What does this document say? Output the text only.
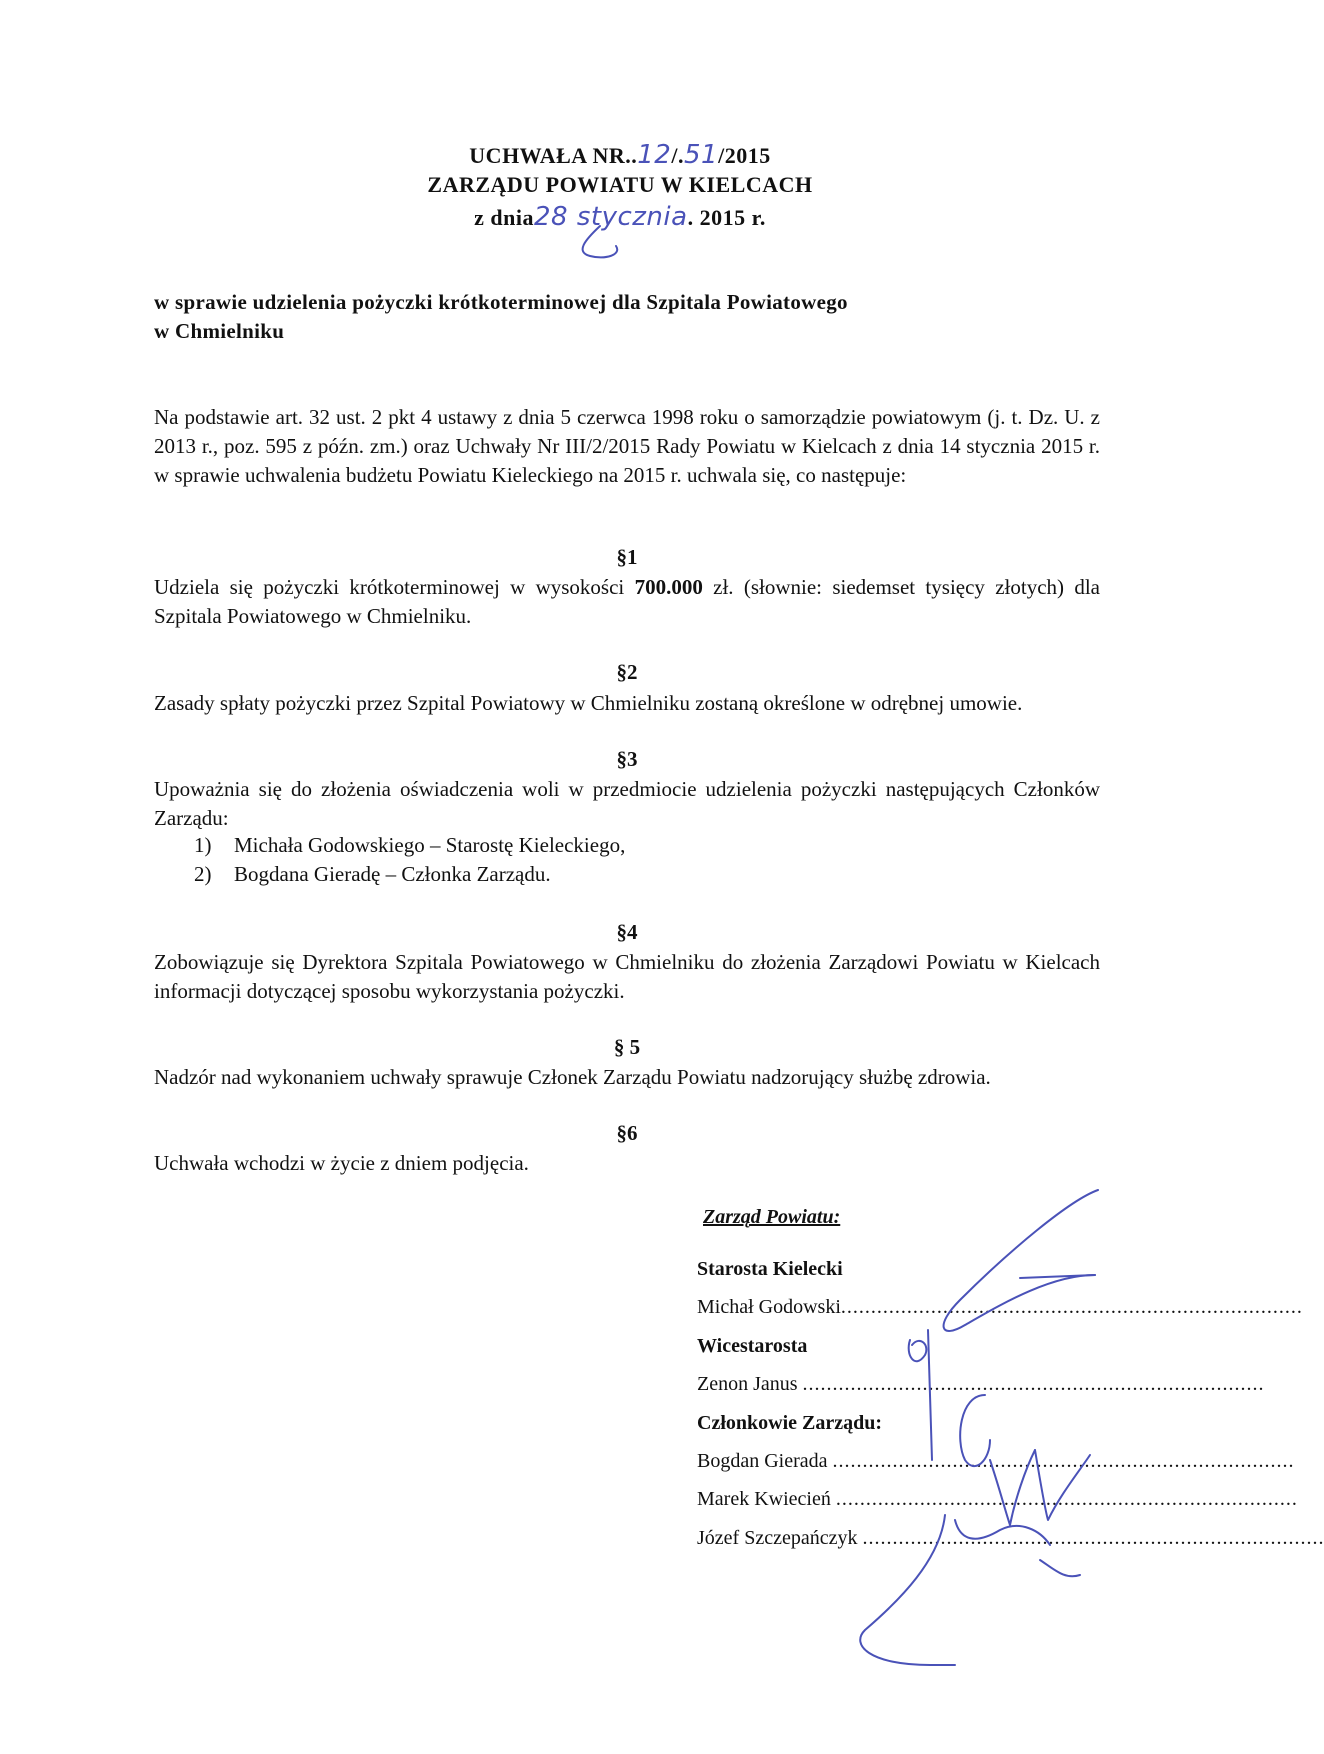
UCHWAŁA NR..12/.51/2015
ZARZĄDU POWIATU W KIELCACH
z dnia28 stycznia. 2015 r.
w sprawie udzielenia pożyczki krótkoterminowej dla Szpitala Powiatowego
w Chmielniku
Na podstawie art. 32 ust. 2 pkt 4 ustawy z dnia 5 czerwca 1998 roku o samorządzie powiatowym (j. t. Dz. U. z 2013 r., poz. 595 z późn. zm.) oraz Uchwały Nr III/2/2015 Rady Powiatu w Kielcach z dnia 14 stycznia 2015 r. w sprawie uchwalenia budżetu Powiatu Kieleckiego na 2015 r. uchwala się, co następuje:
§1
Udziela się pożyczki krótkoterminowej w wysokości 700.000 zł. (słownie: siedemset tysięcy złotych) dla Szpitala Powiatowego w Chmielniku.
§2
Zasady spłaty pożyczki przez Szpital Powiatowy w Chmielniku zostaną określone w odrębnej umowie.
§3
Upoważnia się do złożenia oświadczenia woli w przedmiocie udzielenia pożyczki następujących Członków Zarządu:
1) Michała Godowskiego – Starostę Kieleckiego,
2) Bogdana Gieradę – Członka Zarządu.
§4
Zobowiązuje się Dyrektora Szpitala Powiatowego w Chmielniku do złożenia Zarządowi Powiatu w Kielcach informacji dotyczącej sposobu wykorzystania pożyczki.
§ 5
Nadzór nad wykonaniem uchwały sprawuje Członek Zarządu Powiatu nadzorujący służbę zdrowia.
§6
Uchwała wchodzi w życie z dniem podjęcia.
Zarząd Powiatu:
Starosta Kielecki
Michał Godowski.............................................................................
Wicestarosta
Zenon Janus .............................................................................
Członkowie Zarządu:
Bogdan Gierada .............................................................................
Marek Kwiecień .............................................................................
Józef Szczepańczyk .............................................................................
